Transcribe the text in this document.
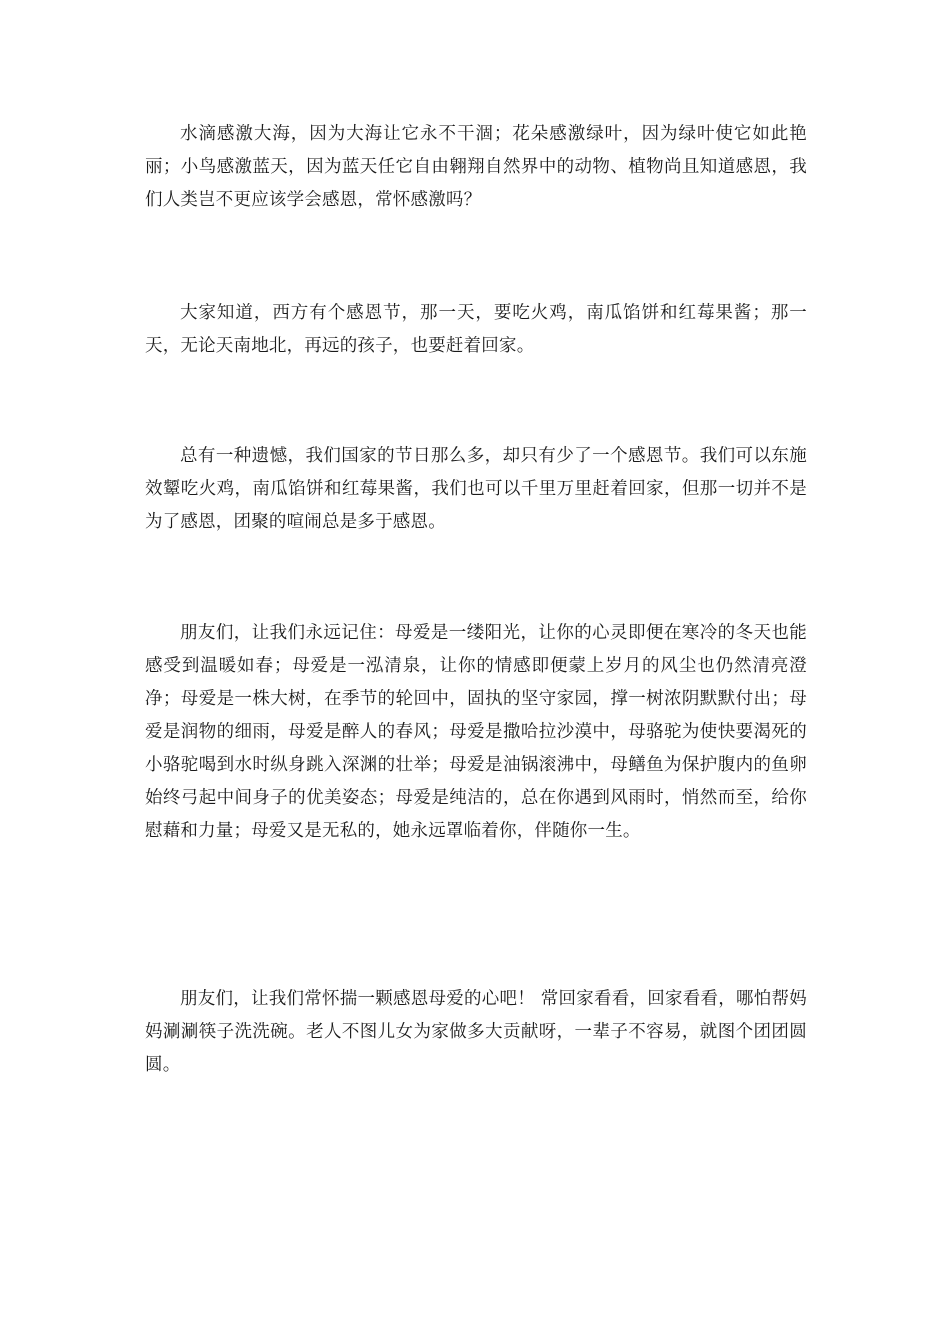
水滴感激大海，因为大海让它永不干涸；花朵感激绿叶，因为绿叶使它如此艳丽；小鸟感激蓝天，因为蓝天任它自由翱翔自然界中的动物、植物尚且知道感恩，我们人类岂不更应该学会感恩，常怀感激吗？

大家知道，西方有个感恩节，那一天，要吃火鸡，南瓜馅饼和红莓果酱；那一天，无论天南地北，再远的孩子，也要赶着回家。

总有一种遗憾，我们国家的节日那么多，却只有少了一个感恩节。我们可以东施效颦吃火鸡，南瓜馅饼和红莓果酱，我们也可以千里万里赶着回家，但那一切并不是为了感恩，团聚的喧闹总是多于感恩。

朋友们，让我们永远记住：母爱是一缕阳光，让你的心灵即便在寒冷的冬天也能感受到温暖如春；母爱是一泓清泉，让你的情感即便蒙上岁月的风尘也仍然清亮澄净；母爱是一株大树，在季节的轮回中，固执的坚守家园，撑一树浓阴默默付出；母爱是润物的细雨，母爱是醉人的春风；母爱是撒哈拉沙漠中，母骆驼为使快要渴死的小骆驼喝到水时纵身跳入深渊的壮举；母爱是油锅滚沸中，母鳝鱼为保护腹内的鱼卵始终弓起中间身子的优美姿态；母爱是纯洁的，总在你遇到风雨时，悄然而至，给你慰藉和力量；母爱又是无私的，她永远罩临着你，伴随你一生。

朋友们，让我们常怀揣一颗感恩母爱的心吧！ 常回家看看，回家看看，哪怕帮妈妈涮涮筷子洗洗碗。老人不图儿女为家做多大贡献呀，一辈子不容易，就图个团团圆圆。
